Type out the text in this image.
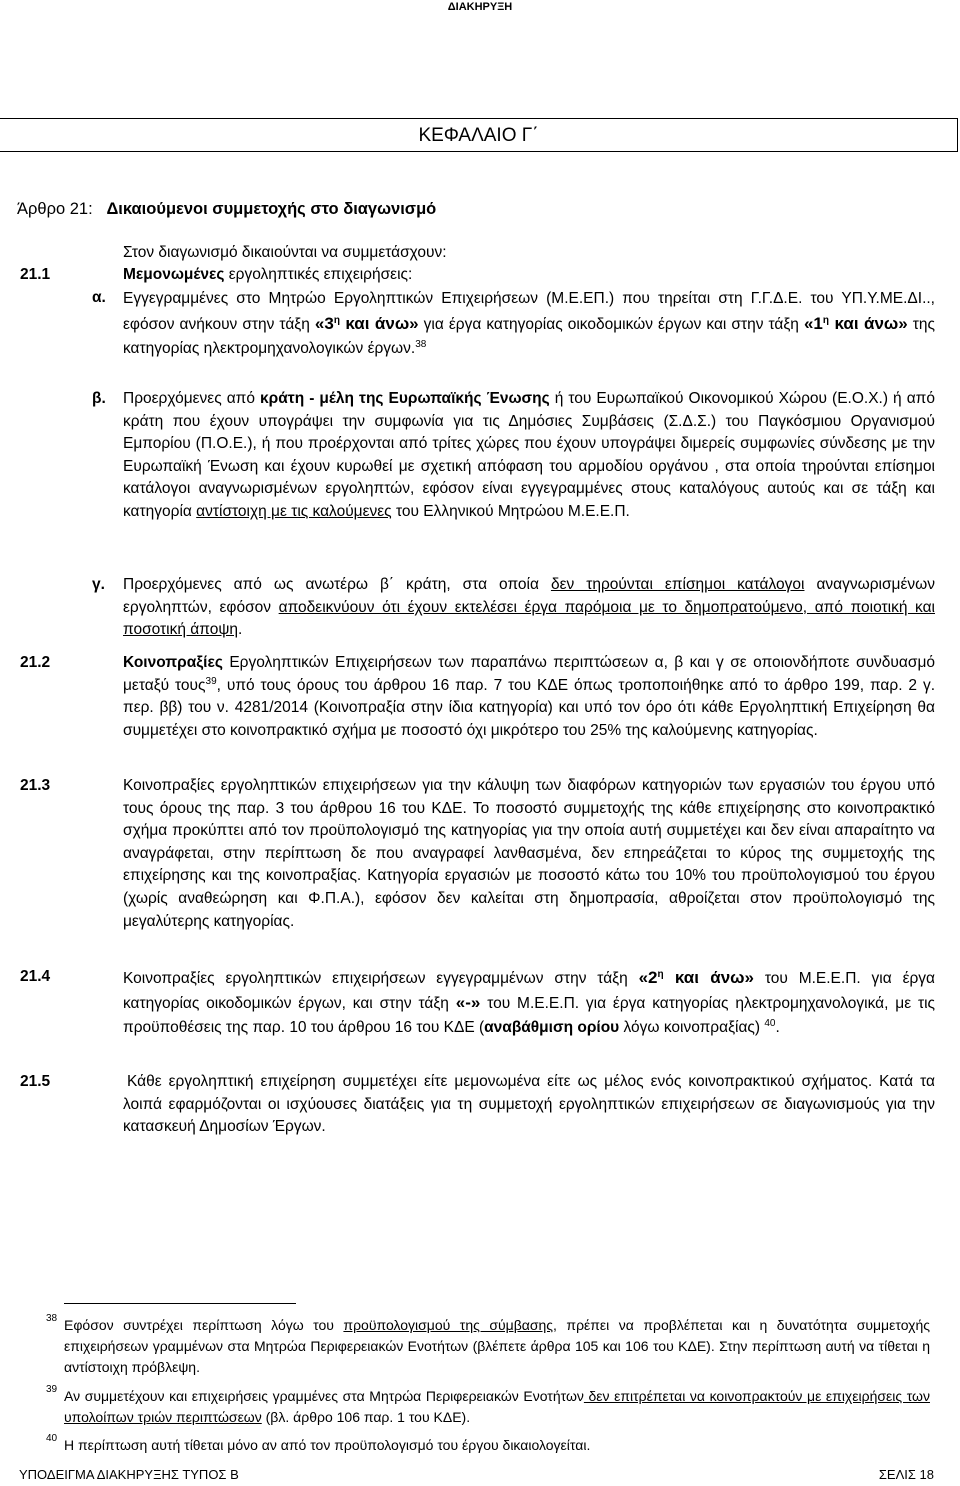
ΔΙΑΚΗΡΥΞΗ
ΚΕΦΑΛΑΙΟ Γ΄
Άρθρο 21: Δικαιούμενοι συμμετοχής στο διαγωνισμό
Στον διαγωνισμό δικαιούνται να συμμετάσχουν:
21.1	Μεμονωμένες εργοληπτικές επιχειρήσεις:
α. Εγγεγραμμένες στο Μητρώο Εργοληπτικών Επιχειρήσεων (Μ.Ε.ΕΠ.) που τηρείται στη Γ.Γ.Δ.Ε. του ΥΠ.Υ.ΜΕ.ΔΙ.., εφόσον ανήκουν στην τάξη «$3^\eta$ και άνω» για έργα κατηγορίας οικοδομικών έργων και στην τάξη «$1^\eta$ και άνω» της κατηγορίας ηλεκτρομηχανολογικών έργων.$^{38}$
β. Προερχόμενες από κράτη - μέλη της Ευρωπαϊκής Ένωσης ή του Ευρωπαϊκού Οικονομικού Χώρου (Ε.Ο.Χ.) ή από κράτη που έχουν υπογράψει την συμφωνία για τις Δημόσιες Συμβάσεις (Σ.Δ.Σ.) του Παγκόσμιου Οργανισμού Εμπορίου (Π.Ο.Ε.), ή που προέρχονται από τρίτες χώρες που έχουν υπογράψει διμερείς συμφωνίες σύνδεσης με την Ευρωπαϊκή Ένωση και έχουν κυρωθεί με σχετική απόφαση του αρμοδίου οργάνου , στα οποία τηρούνται επίσημοι κατάλογοι αναγνωρισμένων εργοληπτών, εφόσον είναι εγγεγραμμένες στους καταλόγους αυτούς και σε τάξη και κατηγορία αντίστοιχη με τις καλούμενες του Ελληνικού Μητρώου Μ.Ε.Ε.Π.
γ. Προερχόμενες από ως ανωτέρω β΄ κράτη, στα οποία δεν τηρούνται επίσημοι κατάλογοι αναγνωρισμένων εργοληπτών, εφόσον αποδεικνύουν ότι έχουν εκτελέσει έργα παρόμοια με το δημοπρατούμενο, από ποιοτική και ποσοτική άποψη.
21.2	Κοινοπραξίες Εργοληπτικών Επιχειρήσεων των παραπάνω περιπτώσεων α, β και γ σε οποιονδήποτε συνδυασμό μεταξύ τους$^{39}$, υπό τους όρους του άρθρου 16 παρ. 7 του ΚΔΕ όπως τροποποιήθηκε από το άρθρο 199, παρ. 2 γ. περ. ββ) του ν. 4281/2014 (Κοινοπραξία στην ίδια κατηγορία) και υπό τον όρο ότι κάθε Εργοληπτική Επιχείρηση θα συμμετέχει στο κοινοπρακτικό σχήμα με ποσοστό όχι μικρότερο του 25% της καλούμενης κατηγορίας.
21.3	Κοινοπραξίες εργοληπτικών επιχειρήσεων για την κάλυψη των διαφόρων κατηγοριών των εργασιών του έργου υπό τους όρους της παρ. 3 του άρθρου 16 του ΚΔΕ. Το ποσοστό συμμετοχής της κάθε επιχείρησης στο κοινοπρακτικό σχήμα προκύπτει από τον προϋπολογισμό της κατηγορίας για την οποία αυτή συμμετέχει και δεν είναι απαραίτητο να αναγράφεται, στην περίπτωση δε που αναγραφεί λανθασμένα, δεν επηρεάζεται το κύρος της συμμετοχής της επιχείρησης και της κοινοπραξίας. Κατηγορία εργασιών με ποσοστό κάτω του 10% του προϋπολογισμού του έργου (χωρίς αναθεώρηση και Φ.Π.Α.), εφόσον δεν καλείται στη δημοπρασία, αθροίζεται στον προϋπολογισμό της μεγαλύτερης κατηγορίας.
21.4	Κοινοπραξίες εργοληπτικών επιχειρήσεων εγγεγραμμένων στην τάξη «$2^\eta$ και άνω» του Μ.Ε.Ε.Π. για έργα κατηγορίας οικοδομικών έργων, και στην τάξη «-» του Μ.Ε.Ε.Π. για έργα κατηγορίας ηλεκτρομηχανολογικά, με τις προϋποθέσεις της παρ. 10 του άρθρου 16 του ΚΔΕ (αναβάθμιση ορίου λόγω κοινοπραξίας) $^{40}$.
21.5	Κάθε εργοληπτική επιχείρηση συμμετέχει είτε μεμονωμένα είτε ως μέλος ενός κοινοπρακτικού σχήματος. Κατά τα λοιπά εφαρμόζονται οι ισχύουσες διατάξεις για τη συμμετοχή εργοληπτικών επιχειρήσεων σε διαγωνισμούς για την κατασκευή Δημοσίων Έργων.
38 Εφόσον συντρέχει περίπτωση λόγω του προϋπολογισμού της σύμβασης, πρέπει να προβλέπεται και η δυνατότητα συμμετοχής επιχειρήσεων γραμμένων στα Μητρώα Περιφερειακών Ενοτήτων (βλέπετε άρθρα 105 και 106 του ΚΔΕ). Στην περίπτωση αυτή να τίθεται η αντίστοιχη πρόβλεψη.
39 Αν συμμετέχουν και επιχειρήσεις γραμμένες στα Μητρώα Περιφερειακών Ενοτήτων δεν επιτρέπεται να κοινοπρακτούν με επιχειρήσεις των υπολοίπων τριών περιπτώσεων (βλ. άρθρο 106 παρ. 1 του ΚΔΕ).
40 Η περίπτωση αυτή τίθεται μόνο αν από τον προϋπολογισμό του έργου δικαιολογείται.
ΥΠΟΔΕΙΓΜΑ ΔΙΑΚΗΡΥΞΗΣ ΤΥΠΟΣ Β	ΣΕΛΙΣ 18
